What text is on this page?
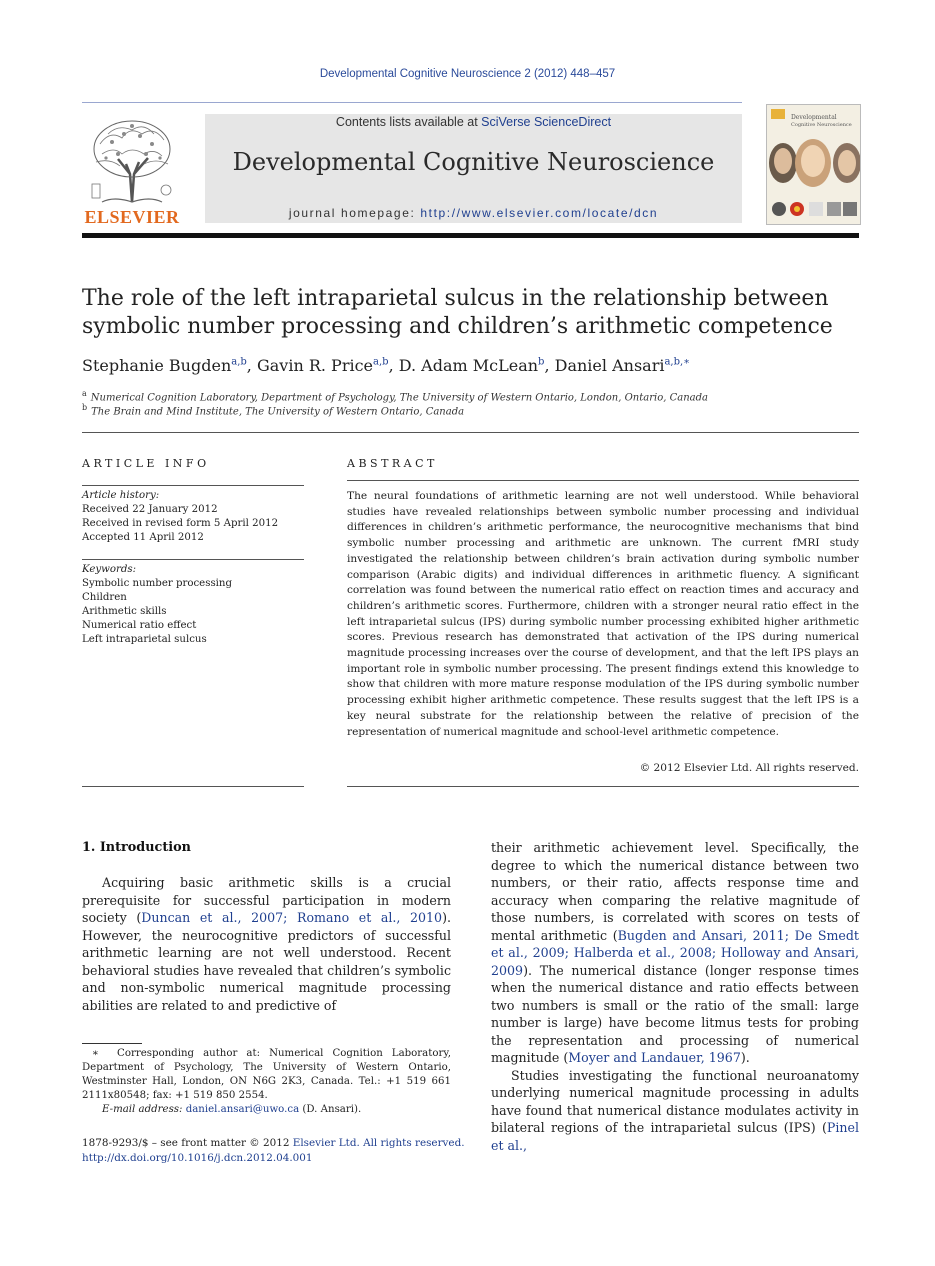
Developmental Cognitive Neuroscience 2 (2012) 448–457
ELSEVIER
Contents lists available at SciVerse ScienceDirect
Developmental Cognitive Neuroscience
journal homepage: http://www.elsevier.com/locate/dcn
Developmental
Cognitive Neuroscience
The role of the left intraparietal sulcus in the relationship between
symbolic number processing and children’s arithmetic competence
Stephanie Bugden$^{a,b}$, Gavin R. Price$^{a,b}$, D. Adam McLean$^b$, Daniel Ansari$^{a,b,∗}$
$^a$ Numerical Cognition Laboratory, Department of Psychology, The University of Western Ontario, London, Ontario, Canada
$^b$ The Brain and Mind Institute, The University of Western Ontario, Canada
ARTICLE INFO
Article history:
Received 22 January 2012
Received in revised form 5 April 2012
Accepted 11 April 2012
Keywords:
Symbolic number processing
Children
Arithmetic skills
Numerical ratio effect
Left intraparietal sulcus
ABSTRACT
The neural foundations of arithmetic learning are not well understood. While behavioral studies have revealed relationships between symbolic number processing and individual differences in children’s arithmetic performance, the neurocognitive mechanisms that bind symbolic number processing and arithmetic are unknown. The current fMRI study investigated the relationship between children’s brain activation during symbolic number comparison (Arabic digits) and individual differences in arithmetic fluency. A significant correlation was found between the numerical ratio effect on reaction times and accuracy and children’s arithmetic scores. Furthermore, children with a stronger neural ratio effect in the left intraparietal sulcus (IPS) during symbolic number processing exhibited higher arithmetic scores. Previous research has demonstrated that activation of the IPS during numerical magnitude processing increases over the course of development, and that the left IPS plays an important role in symbolic number processing. The present findings extend this knowledge to show that children with more mature response modulation of the IPS during symbolic number processing exhibit higher arithmetic competence. These results suggest that the left IPS is a key neural substrate for the relationship between the relative of precision of the representation of numerical magnitude and school-level arithmetic competence.
© 2012 Elsevier Ltd. All rights reserved.
1. Introduction
Acquiring basic arithmetic skills is a crucial prerequisite for successful participation in modern society (Duncan et al., 2007; Romano et al., 2010). However, the neurocognitive predictors of successful arithmetic learning are not well understood. Recent behavioral studies have revealed that children’s symbolic and non-symbolic numerical magnitude processing abilities are related to and predictive of
their arithmetic achievement level. Specifically, the degree to which the numerical distance between two numbers, or their ratio, affects response time and accuracy when comparing the relative magnitude of those numbers, is correlated with scores on tests of mental arithmetic (Bugden and Ansari, 2011; De Smedt et al., 2009; Halberda et al., 2008; Holloway and Ansari, 2009). The numerical distance (longer response times when the numerical distance and ratio effects between two numbers is small or the ratio of the small: large number is large) have become litmus tests for probing the representation and processing of numerical magnitude (Moyer and Landauer, 1967).
Studies investigating the functional neuroanatomy underlying numerical magnitude processing in adults have found that numerical distance modulates activity in bilateral regions of the intraparietal sulcus (IPS) (Pinel et al.,
∗ Corresponding author at: Numerical Cognition Laboratory, Department of Psychology, The University of Western Ontario, Westminster Hall, London, ON N6G 2K3, Canada. Tel.: +1 519 661 2111x80548; fax: +1 519 850 2554.
E-mail address: daniel.ansari@uwo.ca (D. Ansari).
1878-9293/$ – see front matter © 2012 Elsevier Ltd. All rights reserved.
http://dx.doi.org/10.1016/j.dcn.2012.04.001
